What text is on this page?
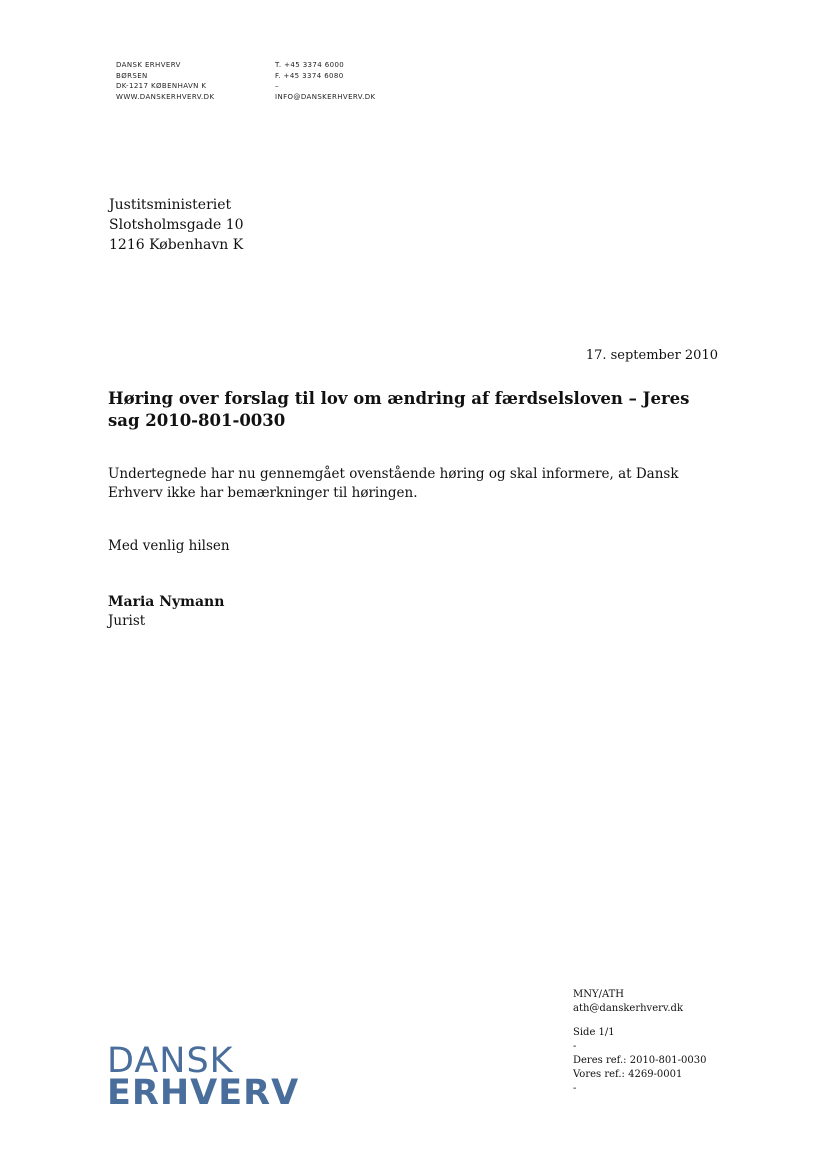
DANSK ERHVERV
BØRSEN
DK-1217 KØBENHAVN K
WWW.DANSKERHVERV.DK
T. +45 3374 6000
F. +45 3374 6080
–
INFO@DANSKERHVERV.DK
Justitsministeriet
Slotsholmsgade 10
1216 København K
17. september 2010
Høring over forslag til lov om ændring af færdselsloven – Jeres sag 2010-801-0030
Undertegnede har nu gennemgået ovenstående høring og skal informere, at Dansk Erhverv ikke har bemærkninger til høringen.
Med venlig hilsen
Maria Nymann
Jurist
MNY/ATH
ath@danskerhverv.dk
Side 1/1
-
Deres ref.: 2010-801-0030
Vores ref.: 4269-0001
-
DANSK
ERHVERV
